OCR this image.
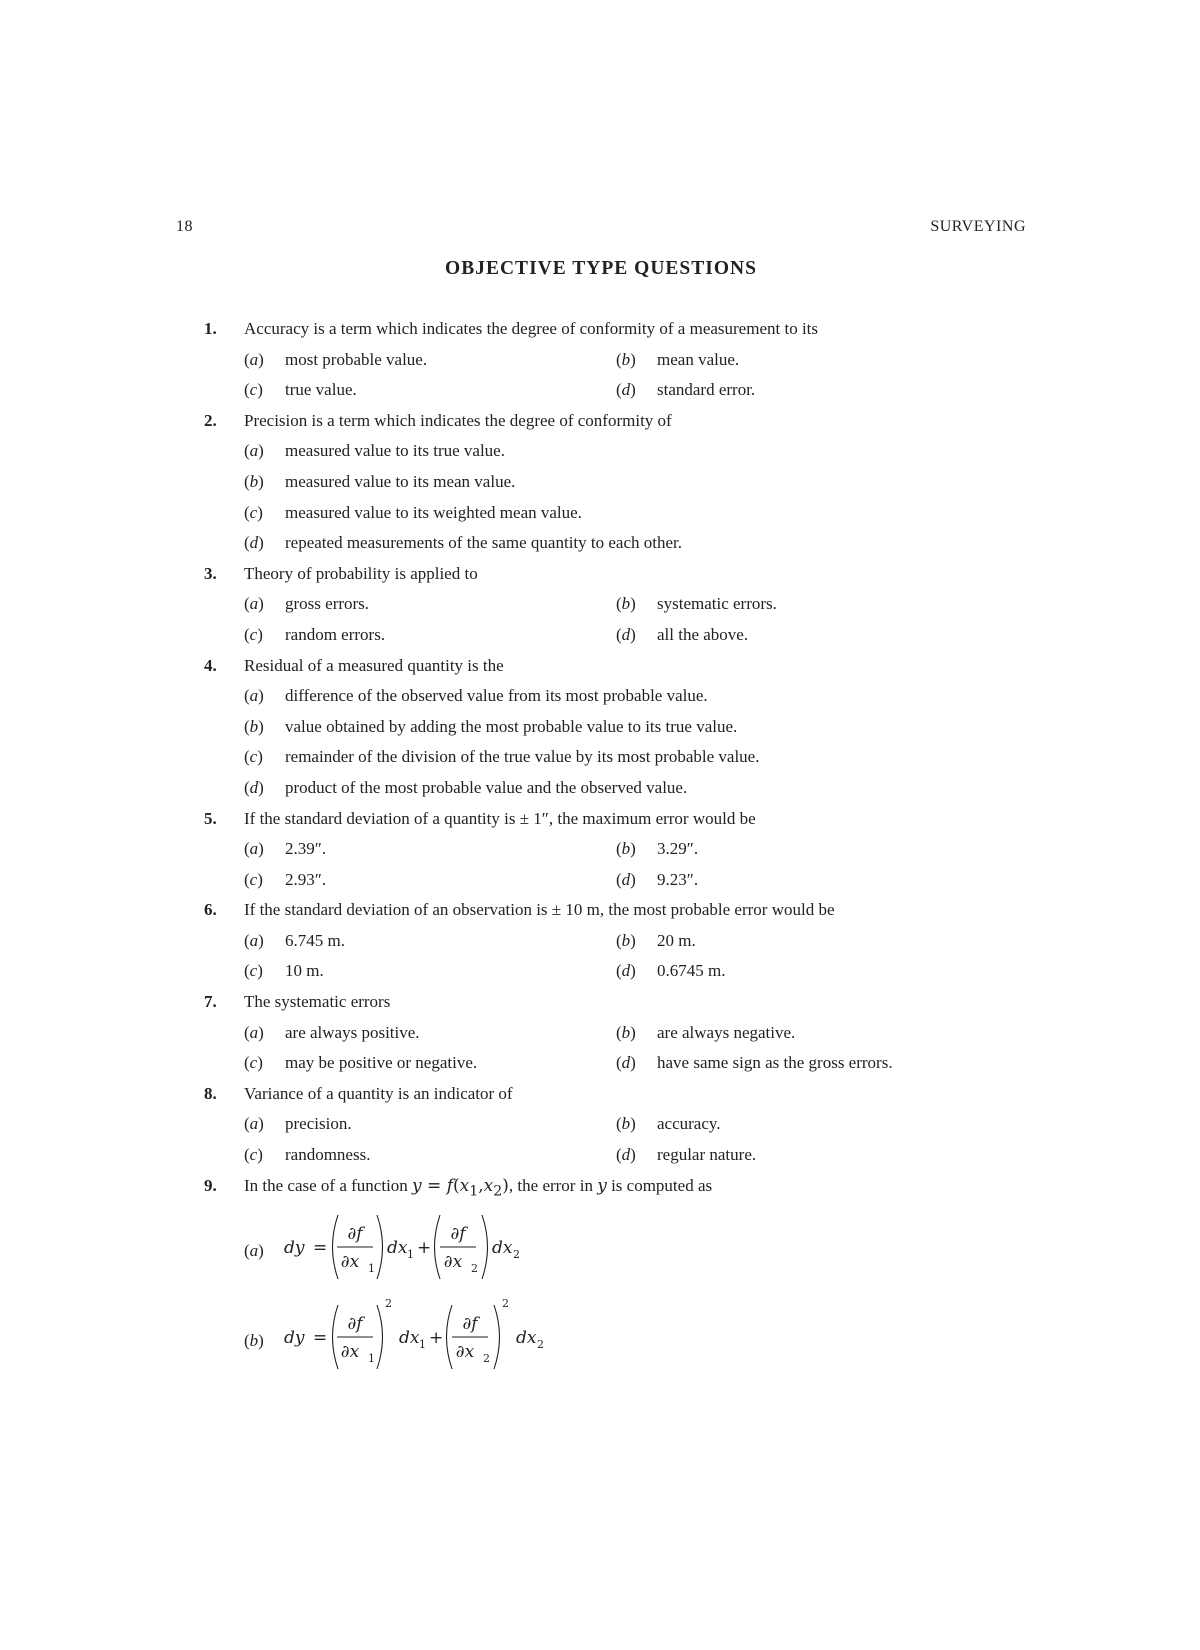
18	SURVEYING
OBJECTIVE TYPE QUESTIONS
1. Accuracy is a term which indicates the degree of conformity of a measurement to its
(a) most probable value.	(b) mean value.
(c) true value.	(d) standard error.
2. Precision is a term which indicates the degree of conformity of
(a) measured value to its true value.
(b) measured value to its mean value.
(c) measured value to its weighted mean value.
(d) repeated measurements of the same quantity to each other.
3. Theory of probability is applied to
(a) gross errors.	(b) systematic errors.
(c) random errors.	(d) all the above.
4. Residual of a measured quantity is the
(a) difference of the observed value from its most probable value.
(b) value obtained by adding the most probable value to its true value.
(c) remainder of the division of the true value by its most probable value.
(d) product of the most probable value and the observed value.
5. If the standard deviation of a quantity is ± 1″, the maximum error would be
(a) 2.39″.	(b) 3.29″.
(c) 2.93″.	(d) 9.23″.
6. If the standard deviation of an observation is ± 10 m, the most probable error would be
(a) 6.745 m.	(b) 20 m.
(c) 10 m.	(d) 0.6745 m.
7. The systematic errors
(a) are always positive.	(b) are always negative.
(c) may be positive or negative.	(d) have same sign as the gross errors.
8. Variance of a quantity is an indicator of
(a) precision.	(b) accuracy.
(c) randomness.	(d) regular nature.
9. In the case of a function $y = f(x_1,x_2)$, the error in y is computed as
(a) dy =
∂f
∂x 1
dx 1 +
∂f
∂x 2
dx 2
(b) dy =
∂f
∂x 1
2
dx 1 +
∂f
∂x 2
2
dx 2
